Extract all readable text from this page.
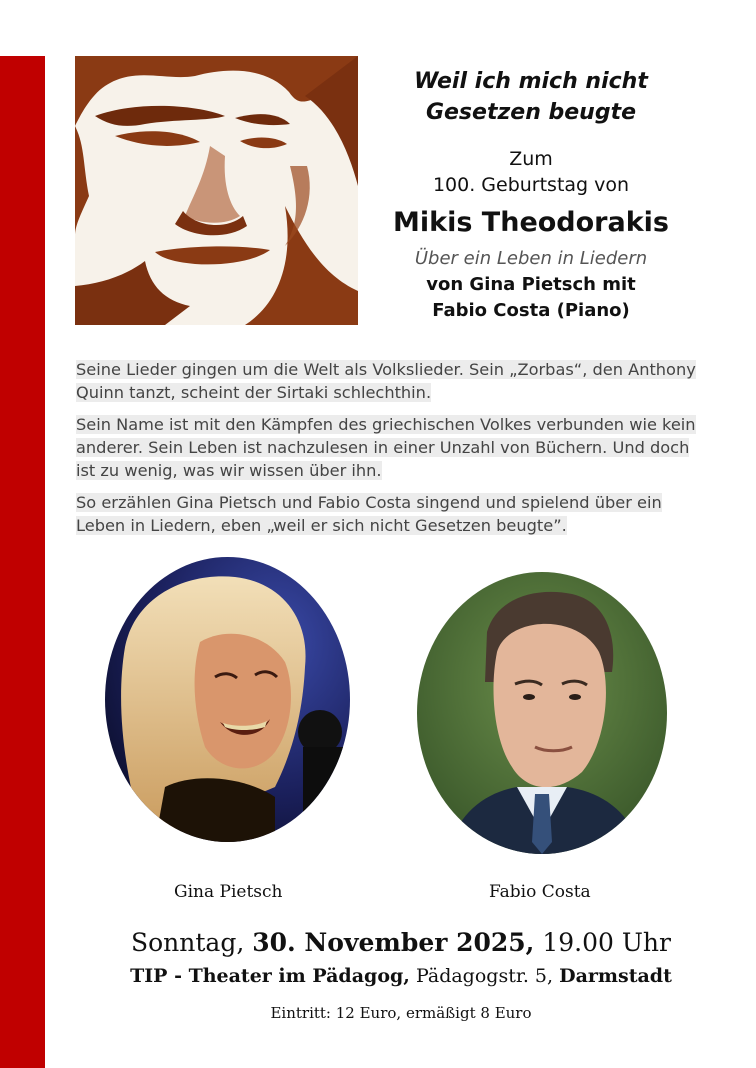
Weil ich mich nicht
Gesetzen beugte
Zum
100. Geburtstag von
Mikis Theodorakis
Über ein Leben in Liedern
von Gina Pietsch mit
Fabio Costa (Piano)

Seine Lieder gingen um die Welt als Volkslieder. Sein „Zorbas“, den Anthony Quinn tanzt, scheint der Sirtaki schlechthin.

Sein Name ist mit den Kämpfen des griechischen Volkes verbunden wie kein anderer. Sein Leben ist nachzulesen in einer Unzahl von Büchern. Und doch ist zu wenig, was wir wissen über ihn.

So erzählen Gina Pietsch und Fabio Costa singend und spielend über ein Leben in Liedern, eben „weil er sich nicht Gesetzen beugte”.

Gina Pietsch	Fabio Costa
Sonntag, 30. November 2025, 19.00 Uhr
TIP - Theater im Pädagog, Pädagogstr. 5, Darmstadt
Eintritt: 12 Euro, ermäßigt 8 Euro
